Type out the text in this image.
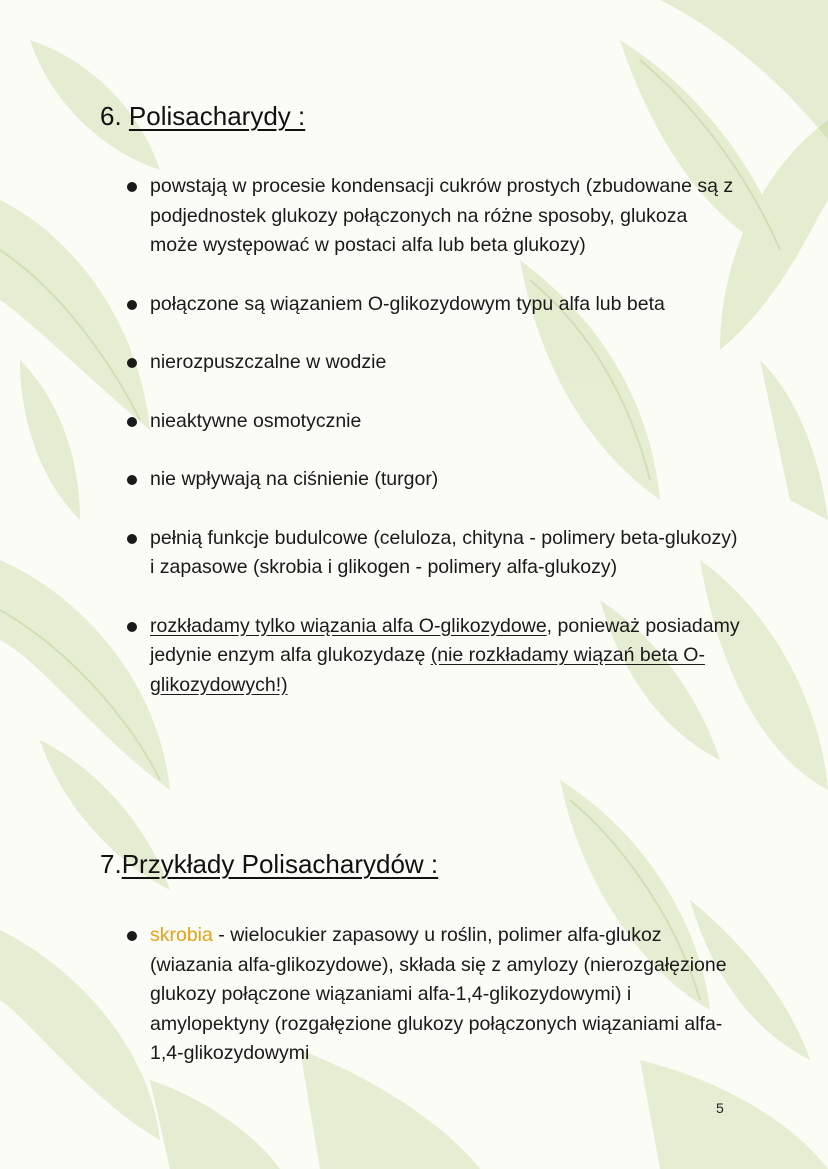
6. Polisacharydy :
powstają w procesie kondensacji cukrów prostych (zbudowane są z podjednostek glukozy połączonych na różne sposoby, glukoza może występować w postaci alfa lub beta glukozy)
połączone są wiązaniem O-glikozydowym typu alfa lub beta
nierozpuszczalne w wodzie
nieaktywne osmotycznie
nie wpływają na ciśnienie (turgor)
pełnią funkcje budulcowe (celuloza, chityna - polimery beta-glukozy) i zapasowe (skrobia i glikogen - polimery alfa-glukozy)
rozkładamy tylko wiązania alfa O-glikozydowe, ponieważ posiadamy jedynie enzym alfa glukozydazę (nie rozkładamy wiązań beta O-glikozydowych!)
7.Przykłady Polisacharydów :
skrobia - wielocukier zapasowy u roślin, polimer alfa-glukoz (wiazania alfa-glikozydowe), składa się z amylozy (nierozgałęzione glukozy połączone wiązaniami alfa-1,4-glikozydowymi) i amylopektyny (rozgałęzione glukozy połączonych wiązaniami alfa-1,4-glikozydowymi
5
